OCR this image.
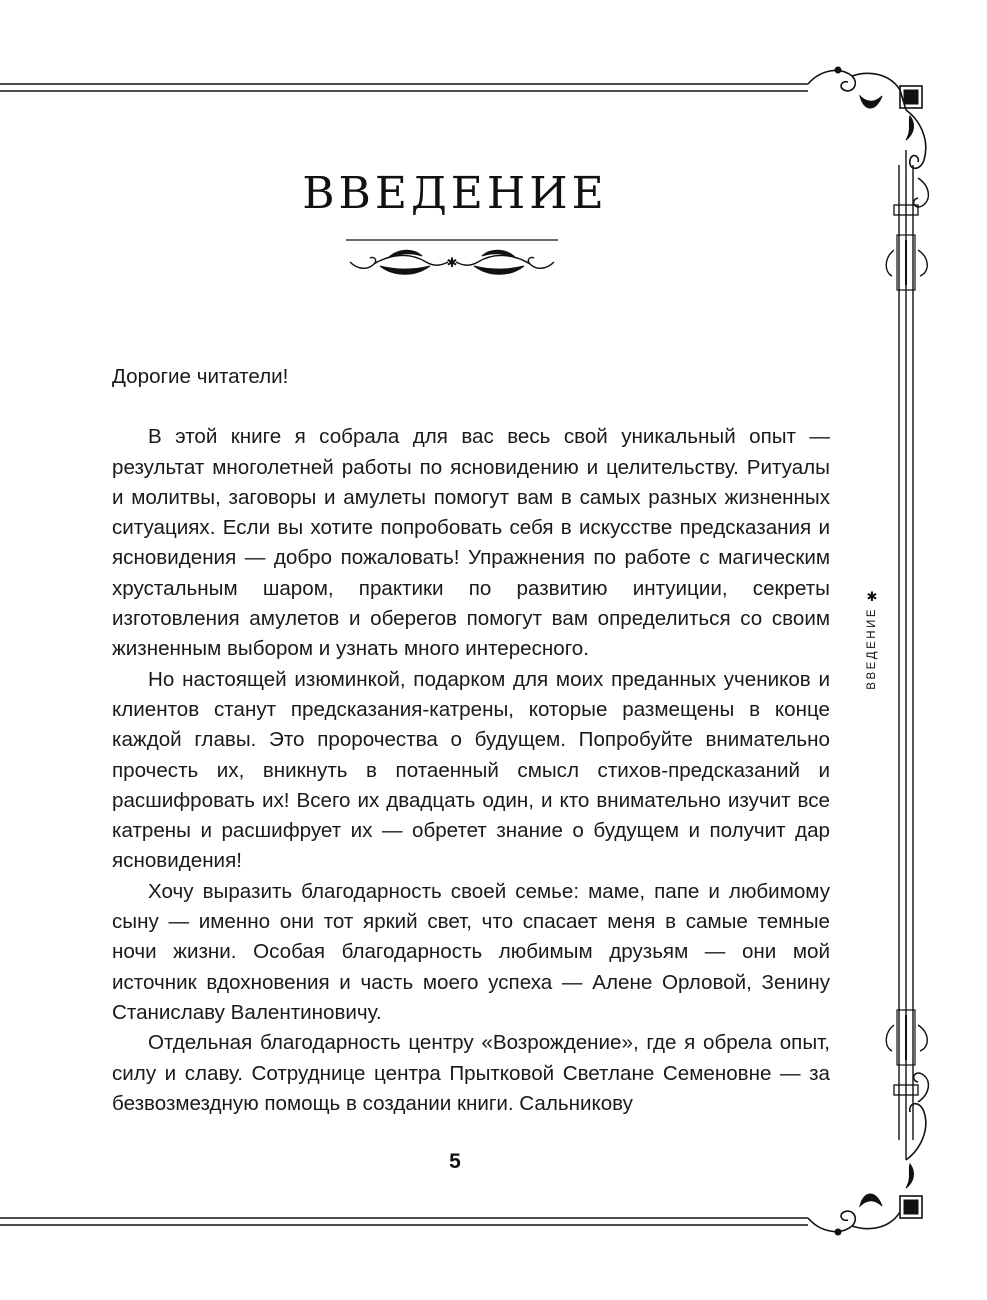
ВВЕДЕНИЕ
✱

Дорогие читатели!

В этой книге я собрала для вас весь свой уникальный опыт — результат многолетней работы по ясновидению и целительству. Ритуалы и молитвы, заговоры и амулеты помогут вам в самых разных жизненных ситуациях. Если вы хотите попробовать себя в искусстве предсказания и ясновидения — добро пожаловать! Упражнения по работе с магическим хрустальным шаром, практики по развитию интуиции, секреты изготовления амулетов и оберегов помогут вам определиться со своим жизненным выбором и узнать много интересного.

Но настоящей изюминкой, подарком для моих преданных учеников и клиентов станут предсказания-катрены, которые размещены в конце каждой главы. Это пророчества о будущем. Попробуйте внимательно прочесть их, вникнуть в потаенный смысл стихов-предсказаний и расшифровать их! Всего их двадцать один, и кто внимательно изучит все катрены и расшифрует их — обретет знание о будущем и получит дар ясновидения!

Хочу выразить благодарность своей семье: маме, папе и любимому сыну — именно они тот яркий свет, что спасает меня в самые темные ночи жизни. Особая благодарность любимым друзьям — они мой источник вдохновения и часть моего успеха — Алене Орловой, Зенину Станиславу Валентиновичу.

Отдельная благодарность центру «Возрождение», где я обрела опыт, силу и славу. Сотруднице центра Прытковой Светлане Семеновне — за безвозмездную помощь в создании книги. Сальникову

✱
ВВЕДЕНИЕ
5
